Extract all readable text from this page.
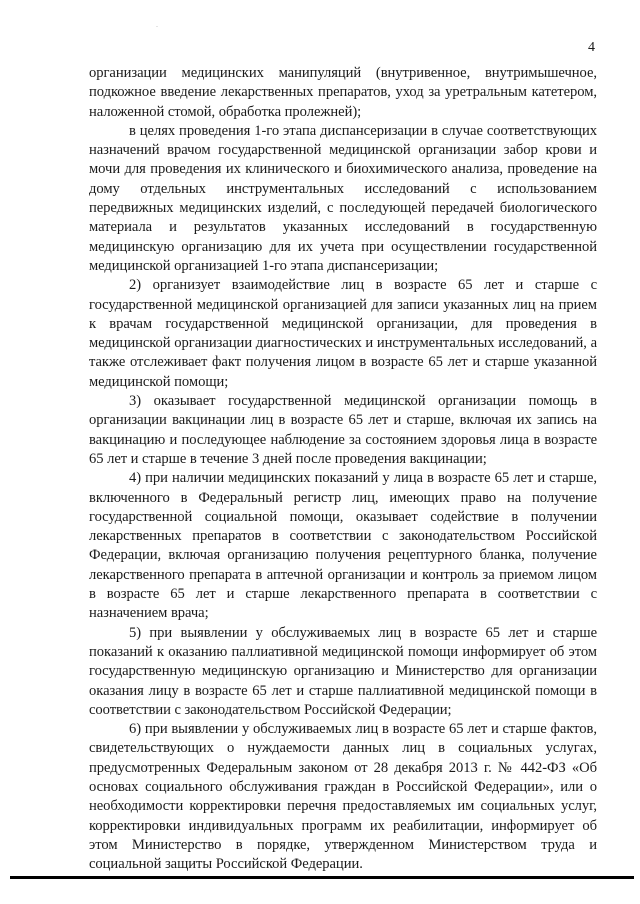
.
4

организации медицинских манипуляций (внутривенное, внутримышечное, подкожное введение лекарственных препаратов, уход за уретральным катетером, наложенной стомой, обработка пролежней);

в целях проведения 1-го этапа диспансеризации в случае соответствующих назначений врачом государственной медицинской организации забор крови и мочи для проведения их клинического и биохимического анализа, проведение на дому отдельных инструментальных исследований с использованием передвижных медицинских изделий, с последующей передачей биологического материала и результатов указанных исследований в государственную медицинскую организацию для их учета при осуществлении государственной медицинской организацией 1-го этапа диспансеризации;

2) организует взаимодействие лиц в возрасте 65 лет и старше с государственной медицинской организацией для записи указанных лиц на прием к врачам государственной медицинской организации, для проведения в медицинской организации диагностических и инструментальных исследований, а также отслеживает факт получения лицом в возрасте 65 лет и старше указанной медицинской помощи;

3) оказывает государственной медицинской организации помощь в организации вакцинации лиц в возрасте 65 лет и старше, включая их запись на вакцинацию и последующее наблюдение за состоянием здоровья лица в возрасте 65 лет и старше в течение 3 дней после проведения вакцинации;

4) при наличии медицинских показаний у лица в возрасте 65 лет и старше, включенного в Федеральный регистр лиц, имеющих право на получение государственной социальной помощи, оказывает содействие в получении лекарственных препаратов в соответствии с законодательством Российской Федерации, включая организацию получения рецептурного бланка, получение лекарственного препарата в аптечной организации и контроль за приемом лицом в возрасте 65 лет и старше лекарственного препарата в соответствии с назначением врача;

5) при выявлении у обслуживаемых лиц в возрасте 65 лет и старше показаний к оказанию паллиативной медицинской помощи информирует об этом государственную медицинскую организацию и Министерство для организации оказания лицу в возрасте 65 лет и старше паллиативной медицинской помощи в соответствии с законодательством Российской Федерации;

6) при выявлении у обслуживаемых лиц в возрасте 65 лет и старше фактов, свидетельствующих о нуждаемости данных лиц в социальных услугах, предусмотренных Федеральным законом от 28 декабря 2013 г. № 442-ФЗ «Об основах социального обслуживания граждан в Российской Федерации», или о необходимости корректировки перечня предоставляемых им социальных услуг, корректировки индивидуальных программ их реабилитации, информирует об этом Министерство в порядке, утвержденном Министерством труда и социальной защиты Российской Федерации.
